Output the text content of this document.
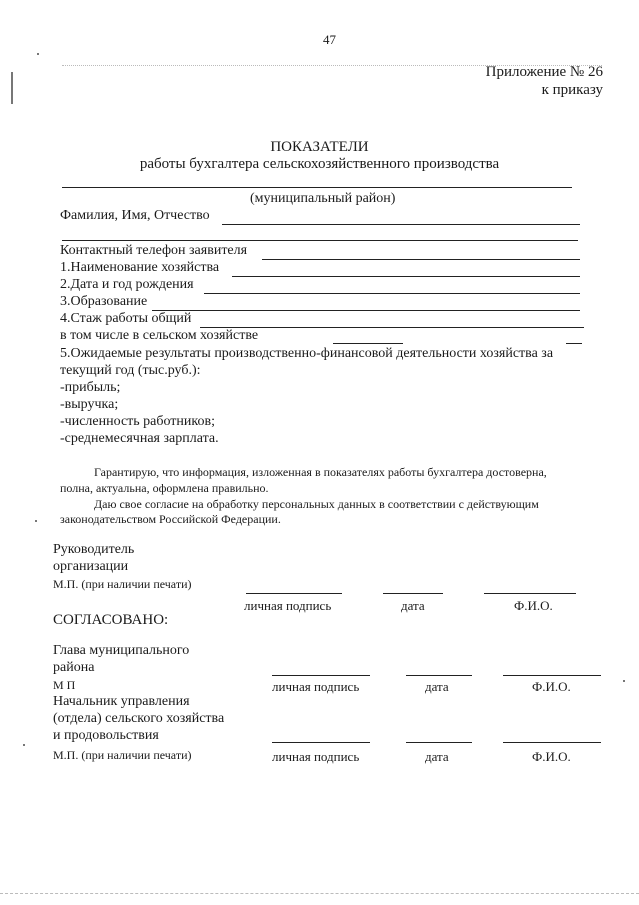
47
Приложение № 26
к приказу
ПОКАЗАТЕЛИ
работы бухгалтера сельскохозяйственного производства
(муниципальный район)
Фамилия, Имя, Отчество
Контактный телефон заявителя
1.Наименование хозяйства
2.Дата и год рождения
3.Образование
4.Стаж работы общий
в том числе в сельском хозяйстве
5.Ожидаемые результаты производственно-финансовой деятельности хозяйства за
текущий год (тыс.руб.):
-прибыль;
-выручка;
-численность работников;
-среднемесячная зарплата.
Гарантирую, что информация, изложенная в показателях работы бухгалтера достоверна,
полна, актуальна, оформлена правильно.
Даю свое согласие на обработку персональных данных в соответствии с действующим
законодательством Российской Федерации.
Руководитель
организации
М.П. (при наличии печати)
личная подпись	дата	Ф.И.О.
СОГЛАСОВАНО:
Глава муниципального
района
М П	личная подпись	дата	Ф.И.О.
Начальник управления
(отдела) сельского хозяйства
и продовольствия
М.П. (при наличии печати)	личная подпись	дата	Ф.И.О.
